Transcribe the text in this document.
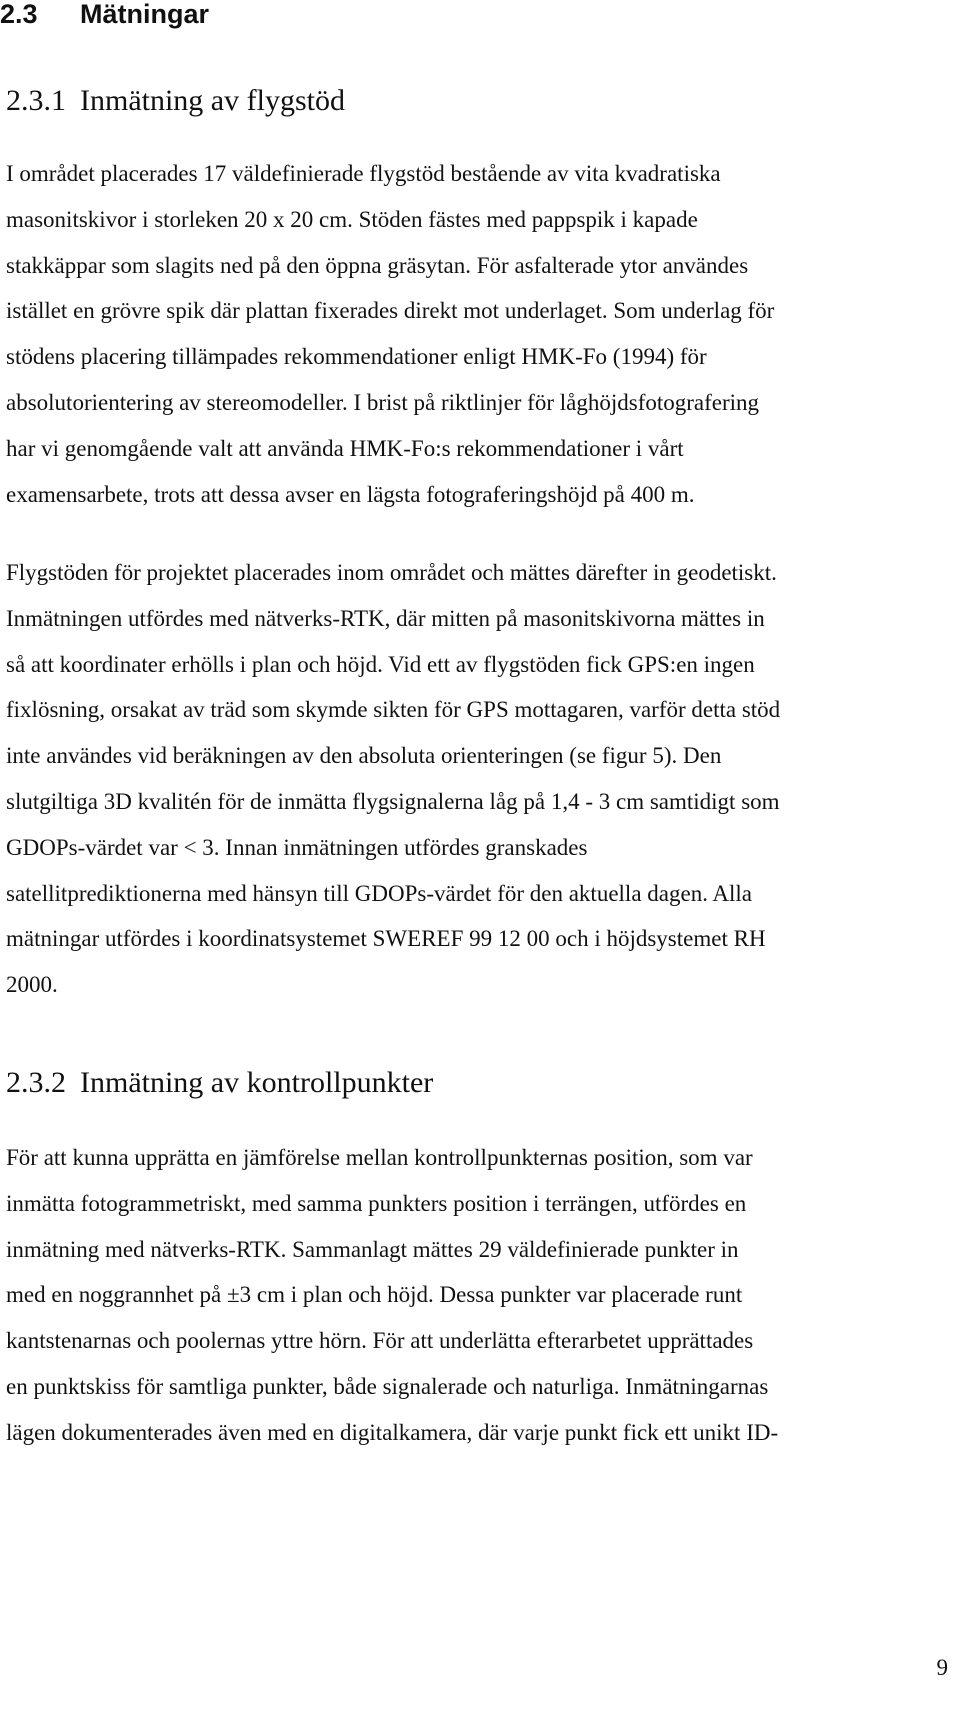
2.3 Mätningar
2.3.1 Inmätning av flygstöd

I området placerades 17 väldefinierade flygstöd bestående av vita kvadratiska
masonitskivor i storleken 20 x 20 cm. Stöden fästes med pappspik i kapade
stakkäppar som slagits ned på den öppna gräsytan. För asfalterade ytor användes
istället en grövre spik där plattan fixerades direkt mot underlaget. Som underlag för
stödens placering tillämpades rekommendationer enligt HMK-Fo (1994) för
absolutorientering av stereomodeller. I brist på riktlinjer för låghöjdsfotografering
har vi genomgående valt att använda HMK-Fo:s rekommendationer i vårt
examensarbete, trots att dessa avser en lägsta fotograferingshöjd på 400 m.

Flygstöden för projektet placerades inom området och mättes därefter in geodetiskt.
Inmätningen utfördes med nätverks-RTK, där mitten på masonitskivorna mättes in
så att koordinater erhölls i plan och höjd. Vid ett av flygstöden fick GPS:en ingen
fixlösning, orsakat av träd som skymde sikten för GPS mottagaren, varför detta stöd
inte användes vid beräkningen av den absoluta orienteringen (se figur 5). Den
slutgiltiga 3D kvalitén för de inmätta flygsignalerna låg på 1,4 - 3 cm samtidigt som
GDOPs-värdet var < 3. Innan inmätningen utfördes granskades
satellitprediktionerna med hänsyn till GDOPs-värdet för den aktuella dagen. Alla
mätningar utfördes i koordinatsystemet SWEREF 99 12 00 och i höjdsystemet RH
2000.

2.3.2 Inmätning av kontrollpunkter

För att kunna upprätta en jämförelse mellan kontrollpunkternas position, som var
inmätta fotogrammetriskt, med samma punkters position i terrängen, utfördes en
inmätning med nätverks-RTK. Sammanlagt mättes 29 väldefinierade punkter in
med en noggrannhet på ±3 cm i plan och höjd. Dessa punkter var placerade runt
kantstenarnas och poolernas yttre hörn. För att underlätta efterarbetet upprättades
en punktskiss för samtliga punkter, både signalerade och naturliga. Inmätningarnas
lägen dokumenterades även med en digitalkamera, där varje punkt fick ett unikt ID-

9
